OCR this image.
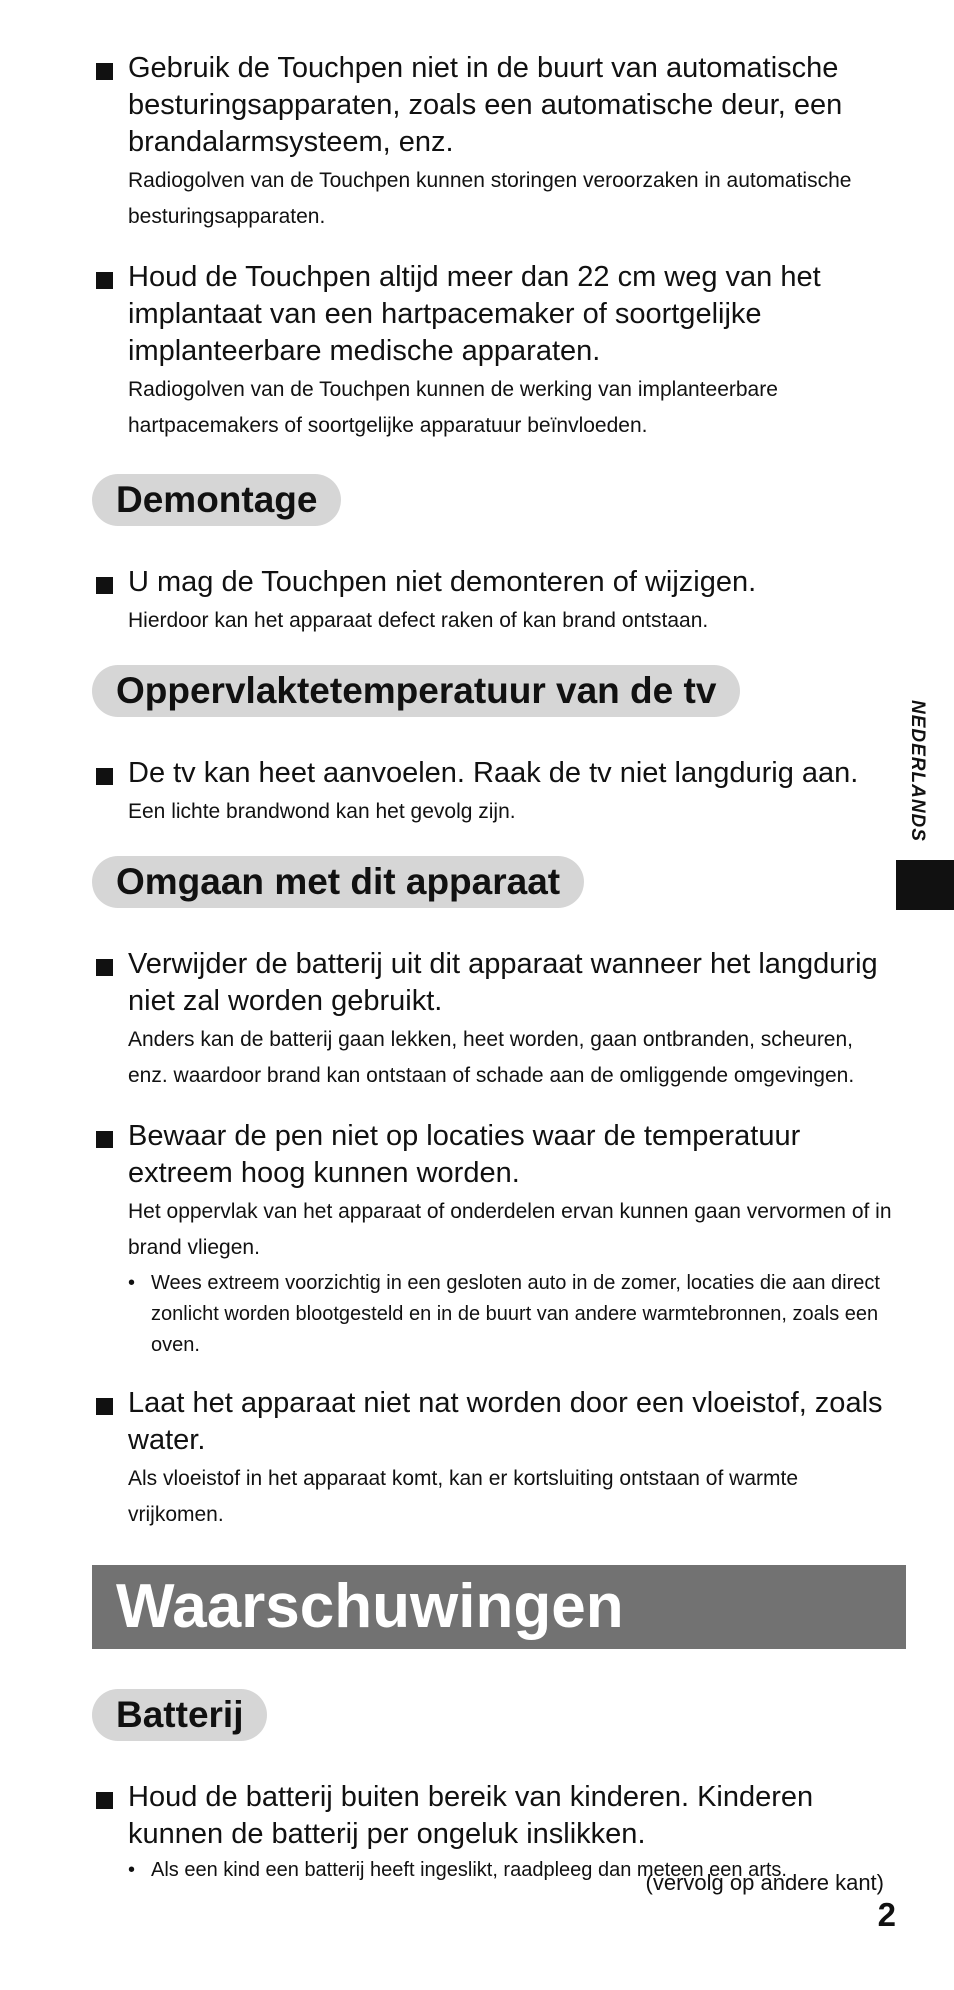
Gebruik de Touchpen niet in de buurt van automatische besturingsapparaten, zoals een automatische deur, een brandalarmsysteem, enz.
Radiogolven van de Touchpen kunnen storingen veroorzaken in automatische besturingsapparaten.
Houd de Touchpen altijd meer dan 22 cm weg van het implantaat van een hartpacemaker of soortgelijke implanteerbare medische apparaten.
Radiogolven van de Touchpen kunnen de werking van implanteerbare hartpacemakers of soortgelijke apparatuur beïnvloeden.
Demontage
U mag de Touchpen niet demonteren of wijzigen.
Hierdoor kan het apparaat defect raken of kan brand ontstaan.
Oppervlaktetemperatuur van de tv
De tv kan heet aanvoelen. Raak de tv niet langdurig aan.
Een lichte brandwond kan het gevolg zijn.
Omgaan met dit apparaat
Verwijder de batterij uit dit apparaat wanneer het langdurig niet zal worden gebruikt.
Anders kan de batterij gaan lekken, heet worden, gaan ontbranden, scheuren, enz. waardoor brand kan ontstaan of schade aan de omliggende omgevingen.
Bewaar de pen niet op locaties waar de temperatuur extreem hoog kunnen worden.
Het oppervlak van het apparaat of onderdelen ervan kunnen gaan vervormen of in brand vliegen.
• Wees extreem voorzichtig in een gesloten auto in de zomer, locaties die aan direct zonlicht worden blootgesteld en in de buurt van andere warmtebronnen, zoals een oven.
Laat het apparaat niet nat worden door een vloeistof, zoals water.
Als vloeistof in het apparaat komt, kan er kortsluiting ontstaan of warmte vrijkomen.
Waarschuwingen
Batterij
Houd de batterij buiten bereik van kinderen. Kinderen kunnen de batterij per ongeluk inslikken.
• Als een kind een batterij heeft ingeslikt, raadpleeg dan meteen een arts.
NEDERLANDS
(vervolg op andere kant)
2
